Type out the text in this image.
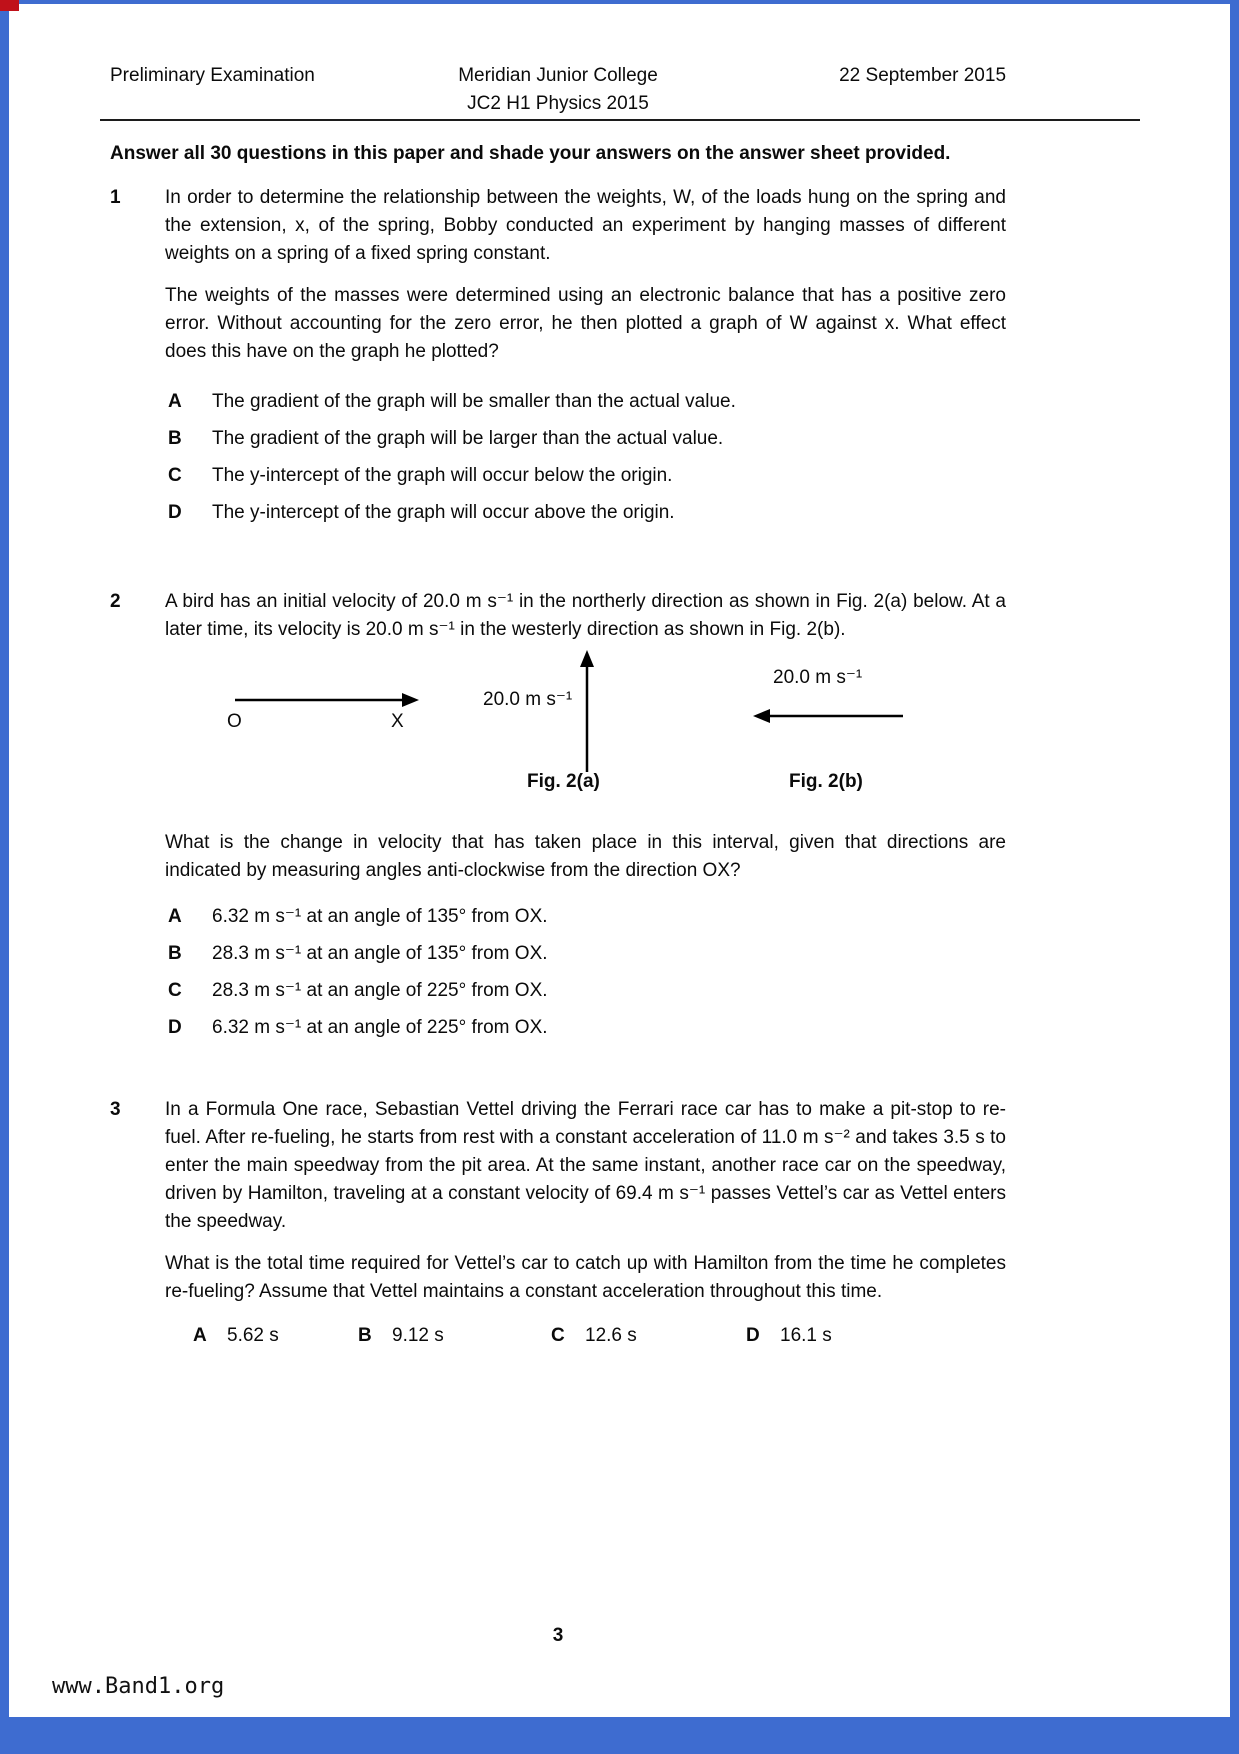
Preliminary Examination	Meridian Junior College
JC2 H1 Physics 2015
22 September 2015

Answer all 30 questions in this paper and shade your answers on the answer sheet provided.

1	In order to determine the relationship between the weights, W, of the loads hung on the spring and the extension, x, of the spring, Bobby conducted an experiment by hanging masses of different weights on a spring of a fixed spring constant.

The weights of the masses were determined using an electronic balance that has a positive zero error. Without accounting for the zero error, he then plotted a graph of W against x. What effect does this have on the graph he plotted?

A	The gradient of the graph will be smaller than the actual value.
B	The gradient of the graph will be larger than the actual value.
C	The y-intercept of the graph will occur below the origin.
D	The y-intercept of the graph will occur above the origin.
2	A bird has an initial velocity of 20.0 m s⁻¹ in the northerly direction as shown in Fig. 2(a) below. At a later time, its velocity is 20.0 m s⁻¹ in the westerly direction as shown in Fig. 2(b).

O	X
20.0 m s⁻¹
20.0 m s⁻¹
Fig. 2(a)	Fig. 2(b)

What is the change in velocity that has taken place in this interval, given that directions are indicated by measuring angles anti-clockwise from the direction OX?

A	6.32 m s⁻¹ at an angle of 135° from OX.
B	28.3 m s⁻¹ at an angle of 135° from OX.
C	28.3 m s⁻¹ at an angle of 225° from OX.
D	6.32 m s⁻¹ at an angle of 225° from OX.
3	In a Formula One race, Sebastian Vettel driving the Ferrari race car has to make a pit-stop to re-fuel. After re-fueling, he starts from rest with a constant acceleration of 11.0 m s⁻² and takes 3.5 s to enter the main speedway from the pit area. At the same instant, another race car on the speedway, driven by Hamilton, traveling at a constant velocity of 69.4 m s⁻¹ passes Vettel’s car as Vettel enters the speedway.

What is the total time required for Vettel’s car to catch up with Hamilton from the time he completes re-fueling? Assume that Vettel maintains a constant acceleration throughout this time.

A	5.62 s	B	9.12 s	C	12.6 s	D	16.1 s
3
www.Band1.org
